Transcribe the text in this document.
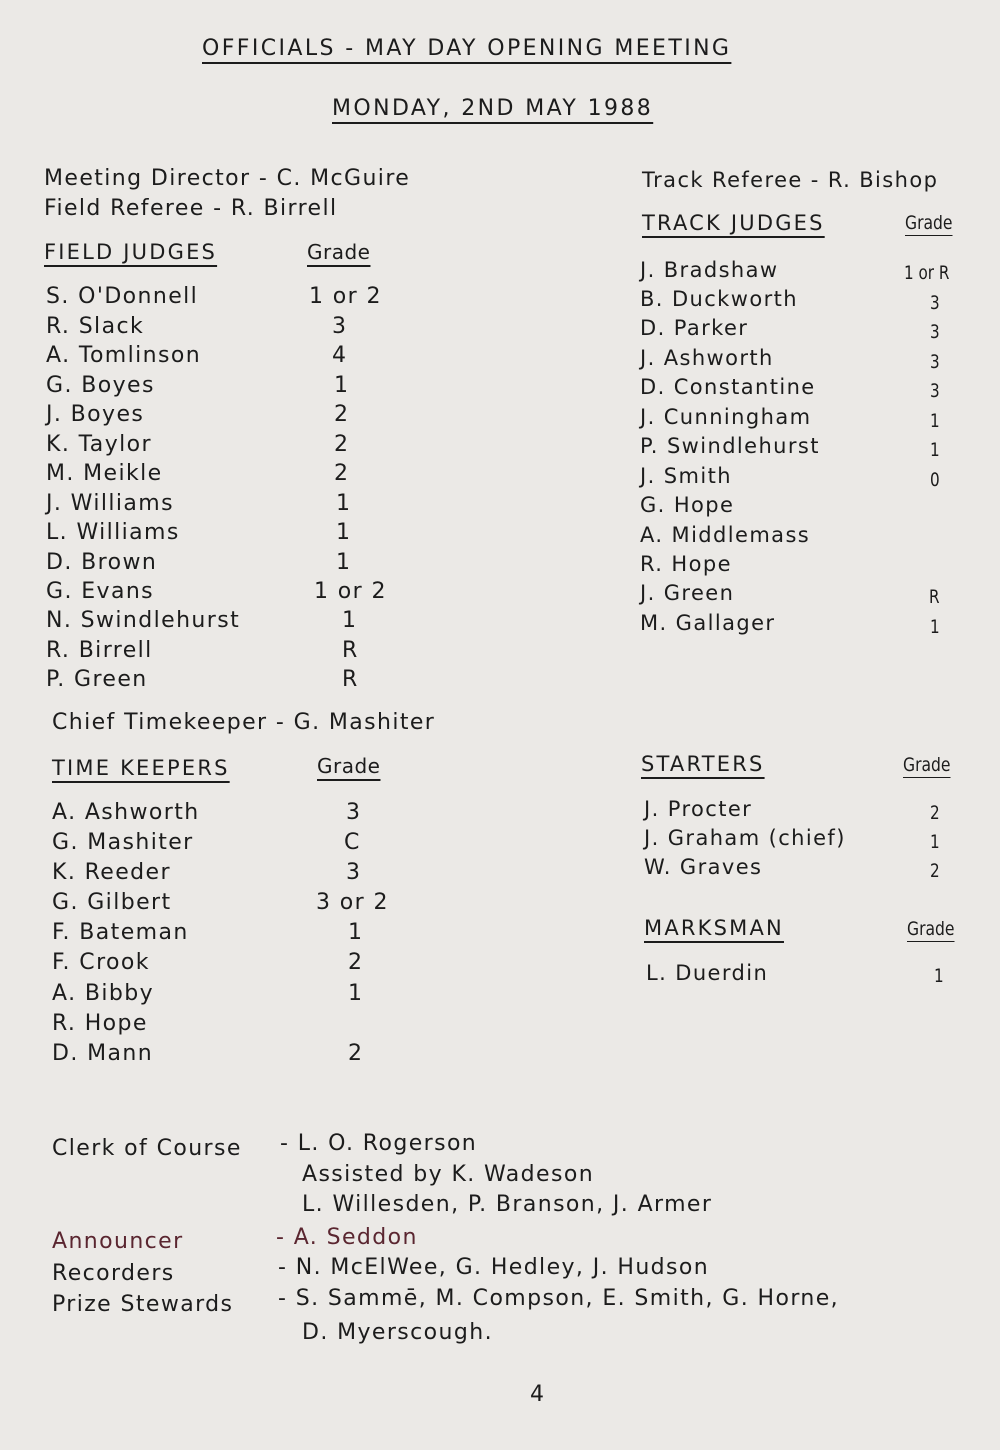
OFFICIALS - MAY DAY OPENING MEETING
MONDAY, 2ND MAY 1988
Meeting Director - C. McGuire
Field Referee - R. Birrell
FIELD JUDGES	Grade
S. O'Donnell	1 or 2
R. Slack	3
A. Tomlinson	4
G. Boyes	1
J. Boyes	2
K. Taylor	2
M. Meikle	2
J. Williams	1
L. Williams	1
D. Brown	1
G. Evans	1 or 2
N. Swindlehurst	1
R. Birrell	R
P. Green	R
Chief Timekeeper - G. Mashiter
TIME KEEPERS	Grade
A. Ashworth	3
G. Mashiter	C
K. Reeder	3
G. Gilbert	3 or 2
F. Bateman	1
F. Crook	2
A. Bibby	1
R. Hope
D. Mann	2
Track Referee - R. Bishop
TRACK JUDGES	Grade
J. Bradshaw	1 or R
B. Duckworth	3
D. Parker	3
J. Ashworth	3
D. Constantine	3
J. Cunningham	1
P. Swindlehurst	1
J. Smith	0
G. Hope
A. Middlemass
R. Hope
J. Green	R
M. Gallager	1
STARTERS	Grade
J. Procter	2
J. Graham (chief)	1
W. Graves	2
MARKSMAN	Grade
L. Duerdin	1
Clerk of Course - L. O. Rogerson
Assisted by K. Wadeson
L. Willesden, P. Branson, J. Armer
Announcer	- A. Seddon
Recorders	- N. McElWee, G. Hedley, J. Hudson
Prize Stewards - S. Sammē, M. Compson, E. Smith, G. Horne,
D. Myerscough.
4
